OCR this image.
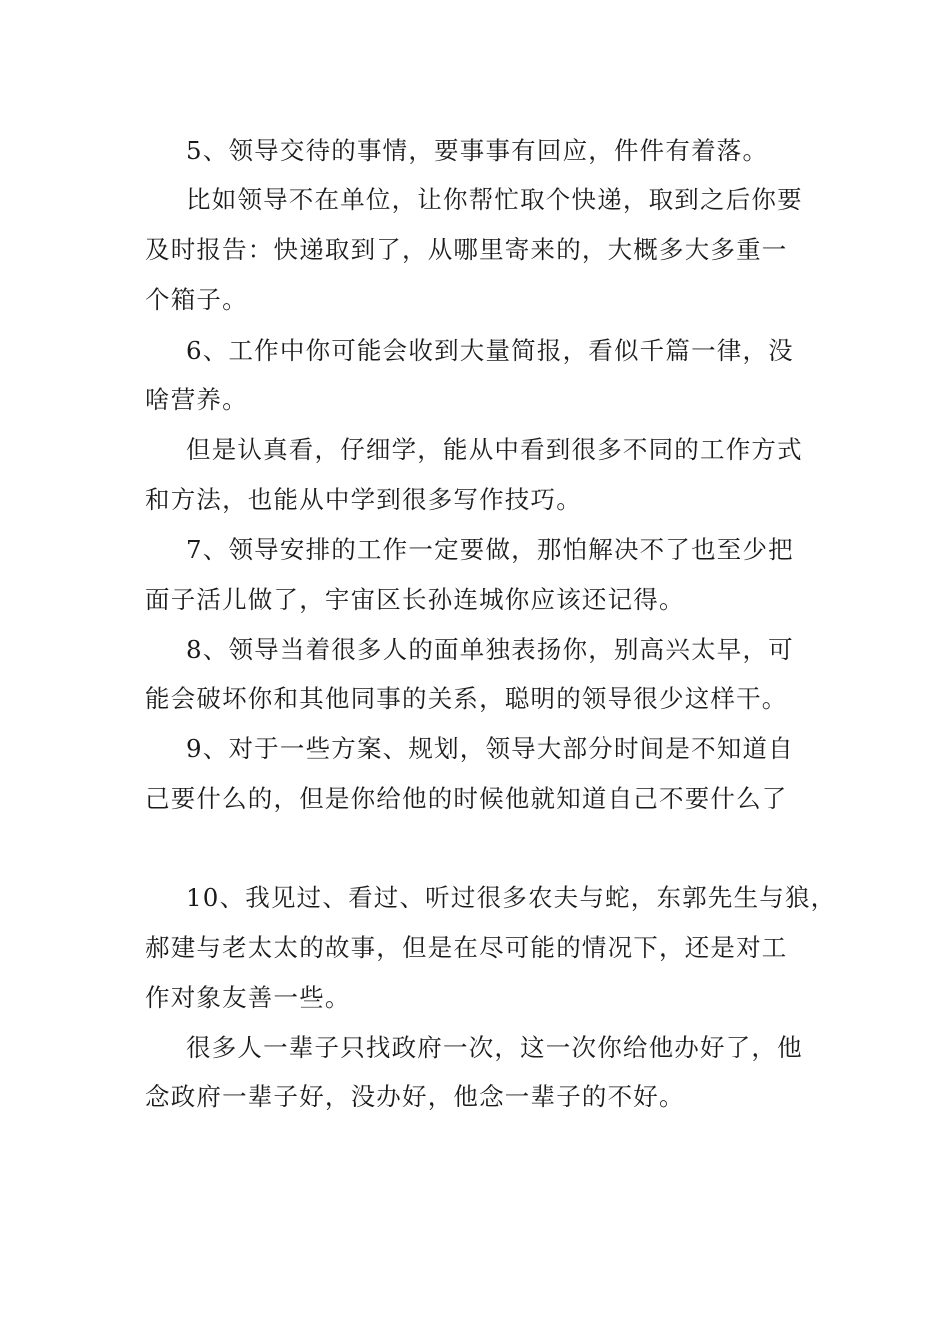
5、领导交待的事情，要事事有回应，件件有着落。
比如领导不在单位，让你帮忙取个快递，取到之后你要
及时报告：快递取到了，从哪里寄来的，大概多大多重一
个箱子。
6、工作中你可能会收到大量简报，看似千篇一律，没
啥营养。
但是认真看，仔细学，能从中看到很多不同的工作方式
和方法，也能从中学到很多写作技巧。
7、领导安排的工作一定要做，那怕解决不了也至少把
面子活儿做了，宇宙区长孙连城你应该还记得。
8、领导当着很多人的面单独表扬你，别高兴太早，可
能会破坏你和其他同事的关系，聪明的领导很少这样干。
9、对于一些方案、规划，领导大部分时间是不知道自
己要什么的，但是你给他的时候他就知道自己不要什么了
10、我见过、看过、听过很多农夫与蛇，东郭先生与狼，
郝建与老太太的故事，但是在尽可能的情况下，还是对工
作对象友善一些。
很多人一辈子只找政府一次，这一次你给他办好了，他
念政府一辈子好，没办好，他念一辈子的不好。
